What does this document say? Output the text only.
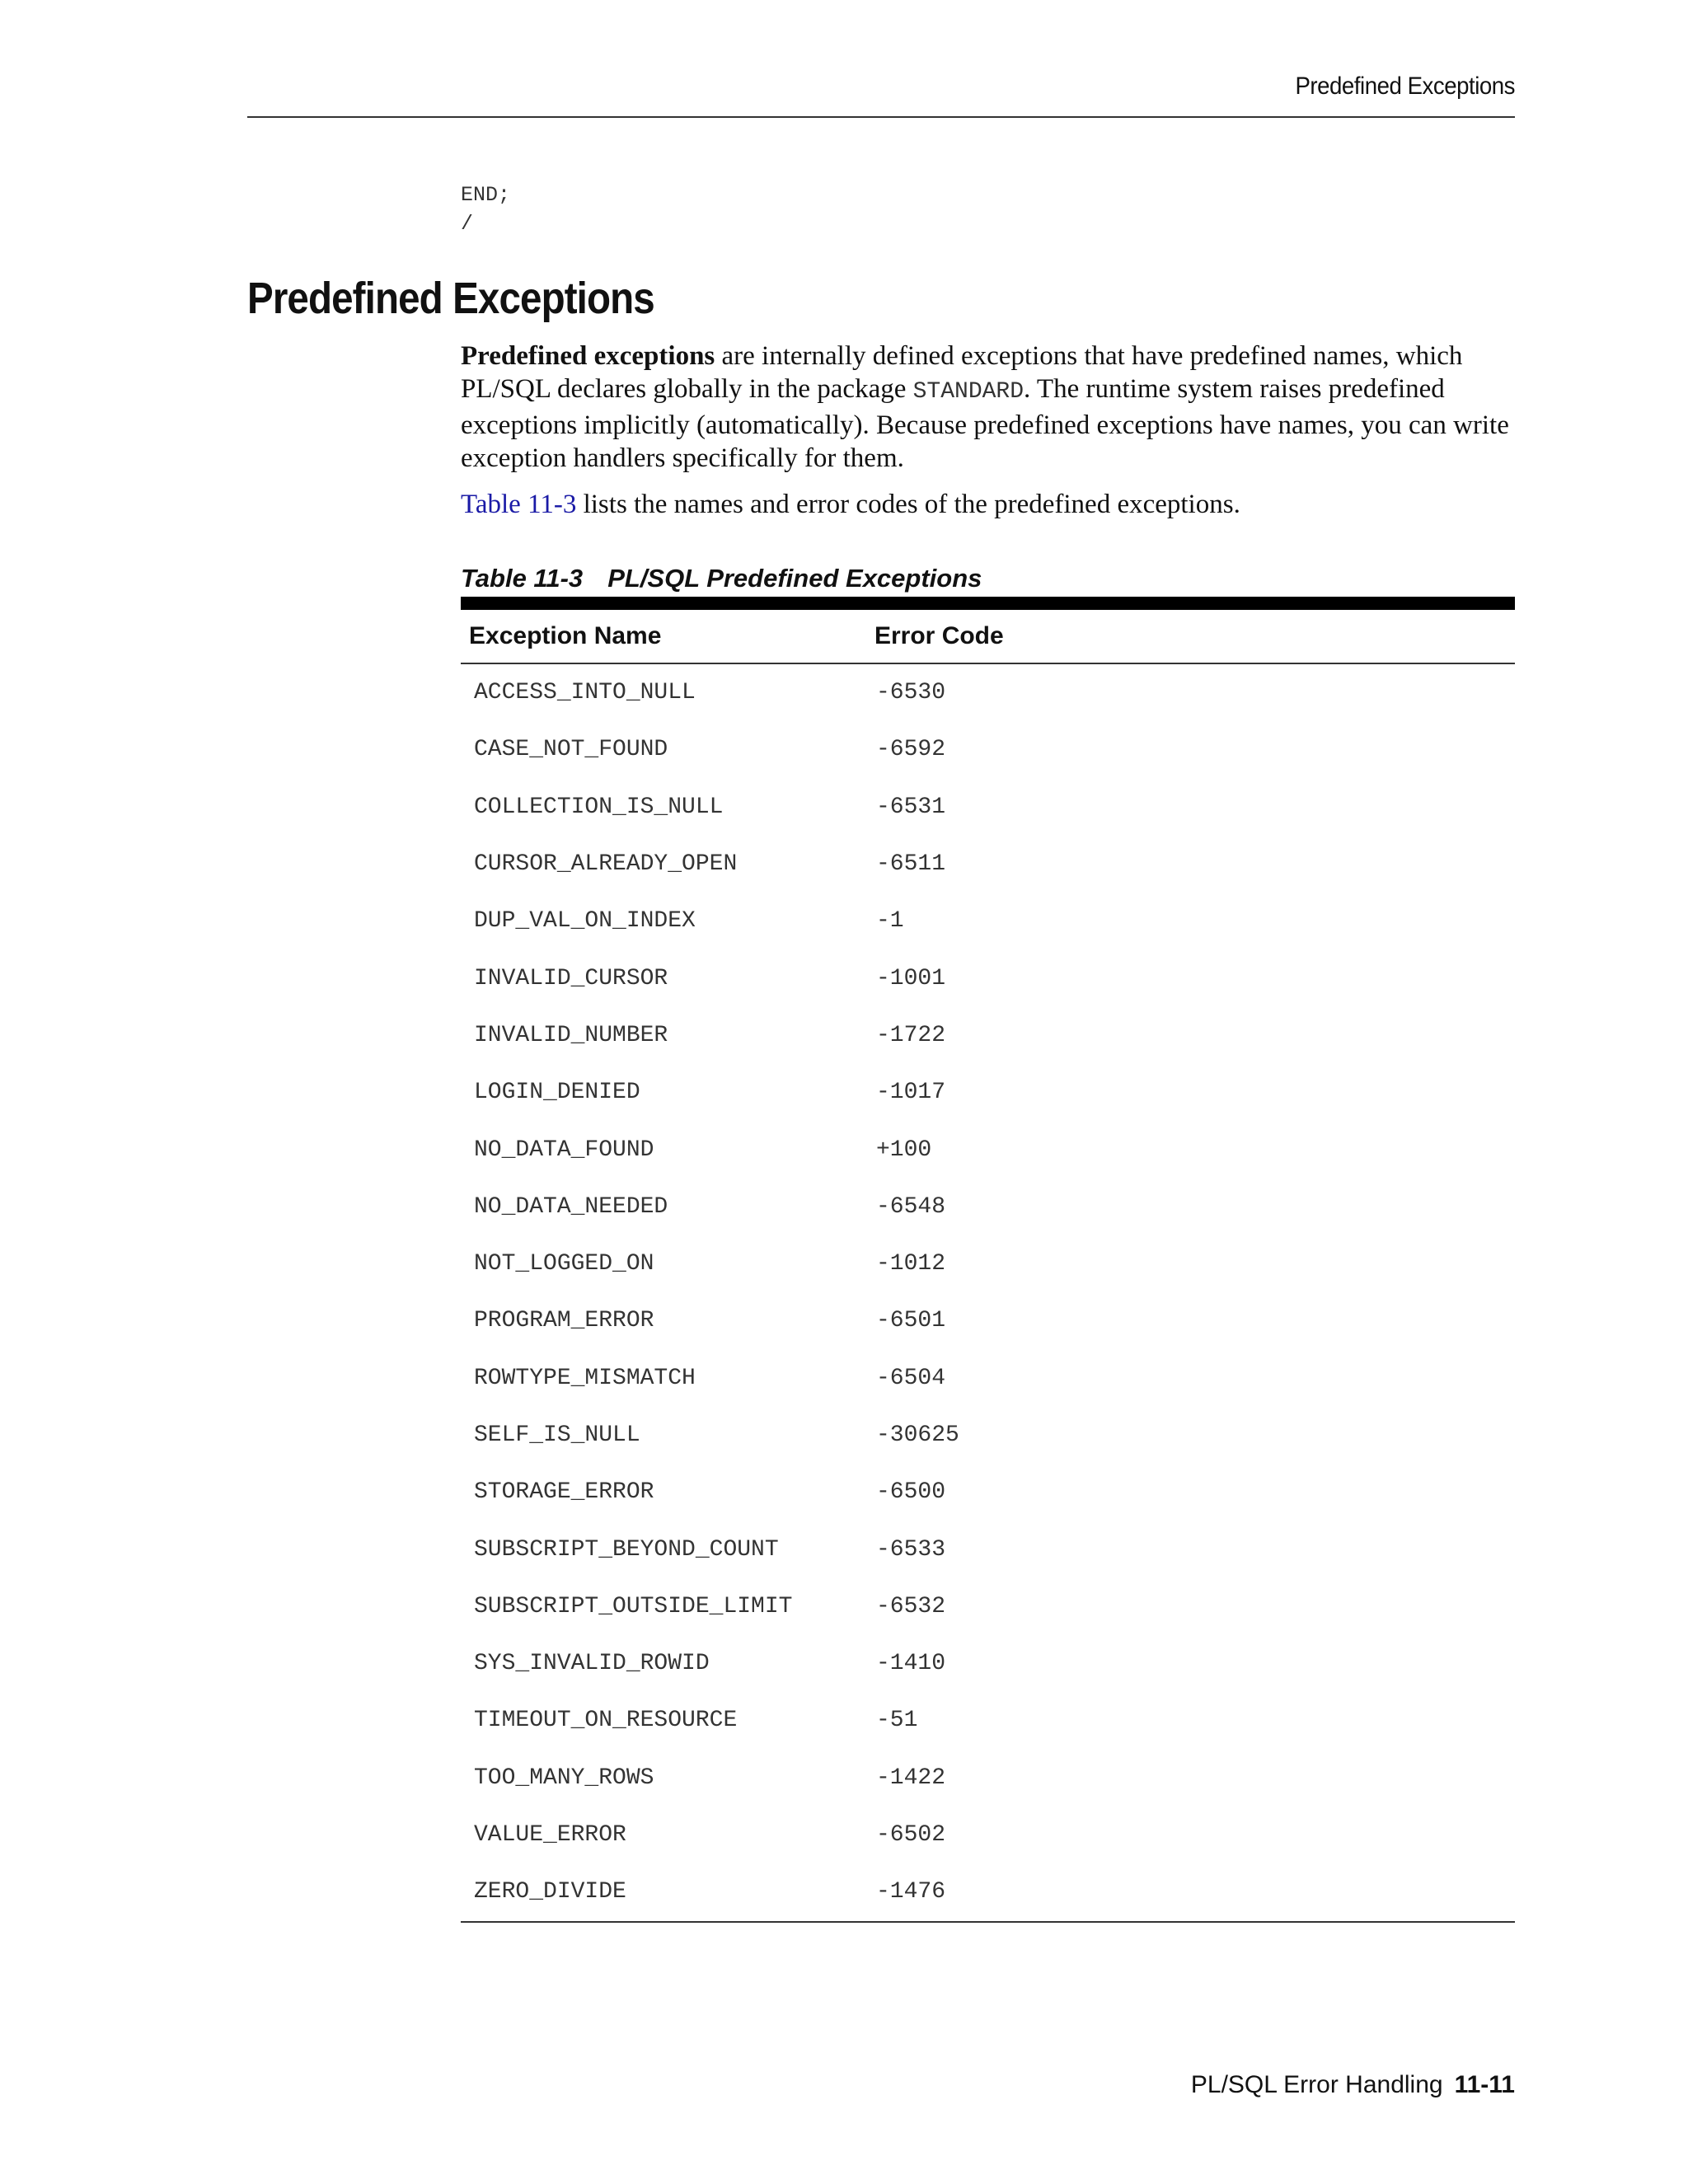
Predefined Exceptions
END;
/
Predefined Exceptions

Predefined exceptions are internally defined exceptions that have predefined names, which PL/SQL declares globally in the package STANDARD. The runtime system raises predefined exceptions implicitly (automatically). Because predefined exceptions have names, you can write exception handlers specifically for them.

Table 11-3 lists the names and error codes of the predefined exceptions.

Table 11-3 PL/SQL Predefined Exceptions
Exception Name	Error Code
ACCESS_INTO_NULL	-6530
CASE_NOT_FOUND	-6592
COLLECTION_IS_NULL	-6531
CURSOR_ALREADY_OPEN	-6511
DUP_VAL_ON_INDEX	-1
INVALID_CURSOR	-1001
INVALID_NUMBER	-1722
LOGIN_DENIED	-1017
NO_DATA_FOUND	+100
NO_DATA_NEEDED	-6548
NOT_LOGGED_ON	-1012
PROGRAM_ERROR	-6501
ROWTYPE_MISMATCH	-6504
SELF_IS_NULL	-30625
STORAGE_ERROR	-6500
SUBSCRIPT_BEYOND_COUNT	-6533
SUBSCRIPT_OUTSIDE_LIMIT	-6532
SYS_INVALID_ROWID	-1410
TIMEOUT_ON_RESOURCE	-51
TOO_MANY_ROWS	-1422
VALUE_ERROR	-6502
ZERO_DIVIDE	-1476
PL/SQL Error Handling 11-11
